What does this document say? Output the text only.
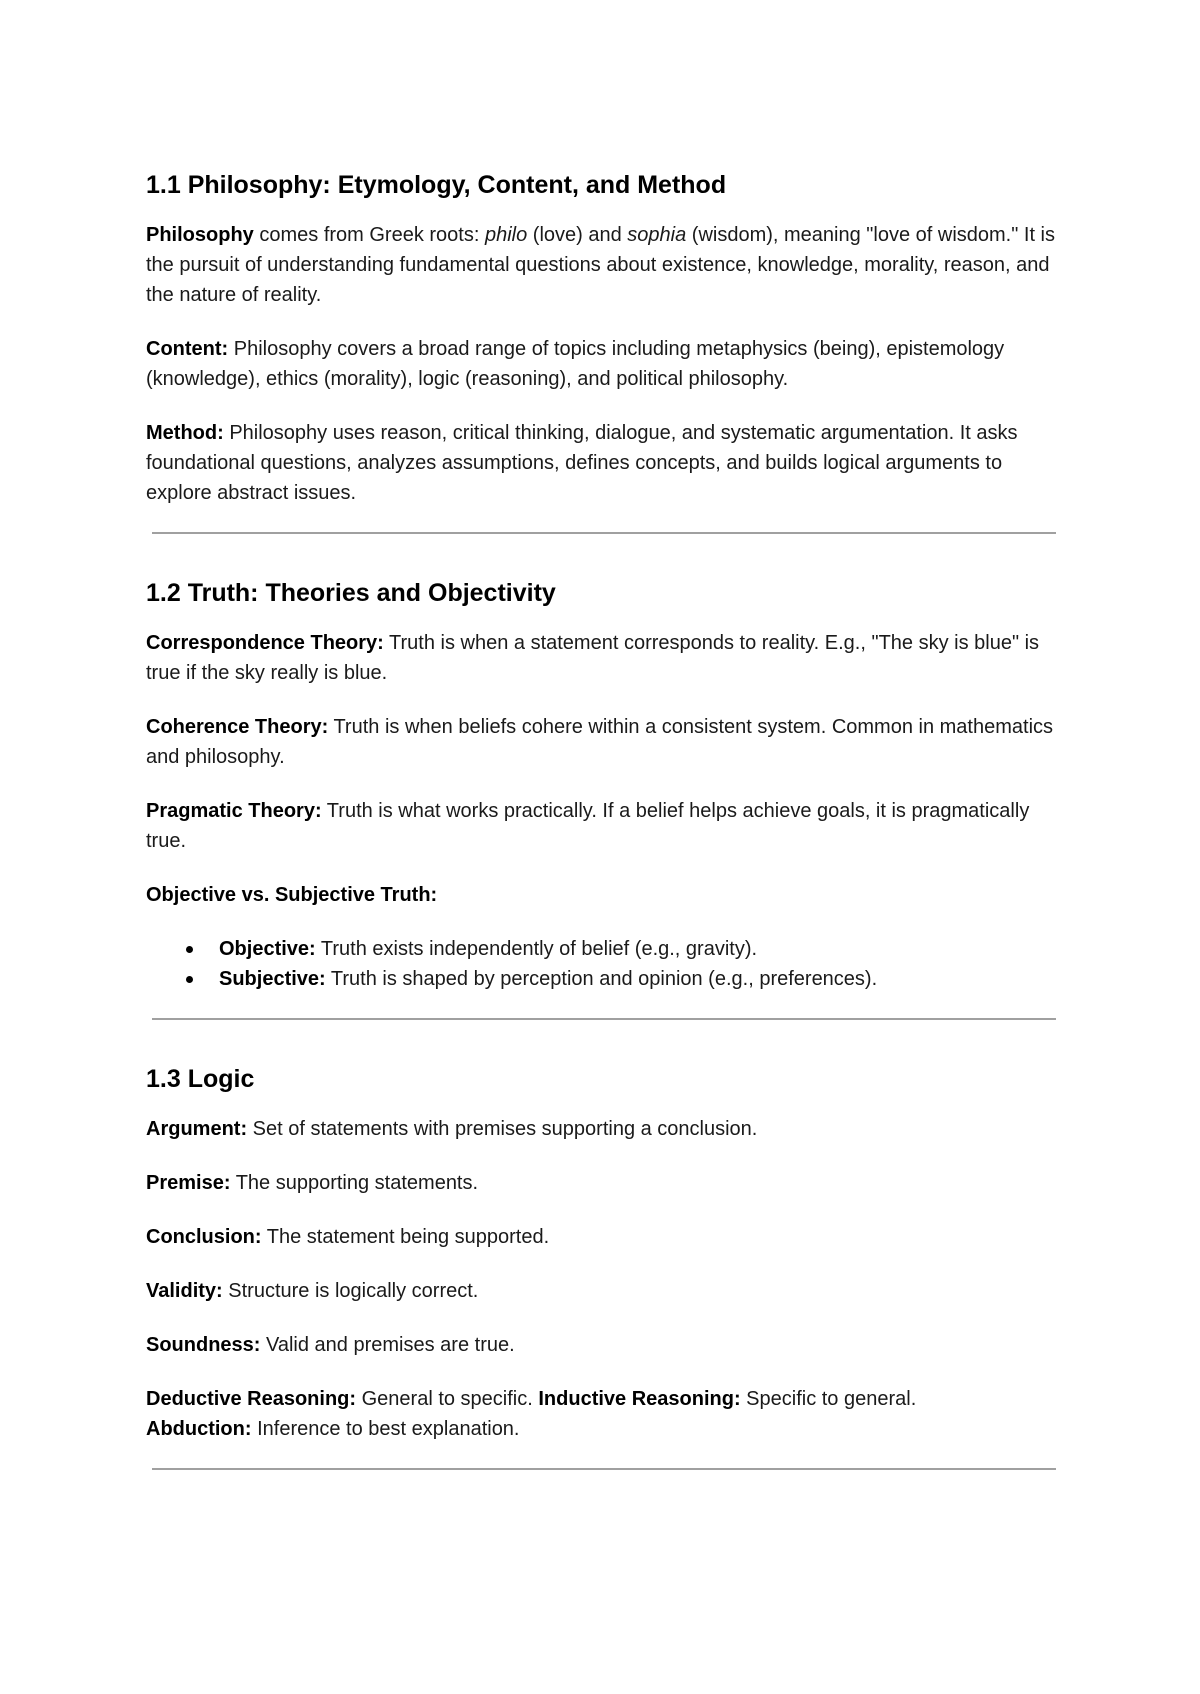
1.1 Philosophy: Etymology, Content, and Method

Philosophy comes from Greek roots: philo (love) and sophia (wisdom), meaning "love of wisdom." It is the pursuit of understanding fundamental questions about existence, knowledge, morality, reason, and the nature of reality.

Content: Philosophy covers a broad range of topics including metaphysics (being), epistemology (knowledge), ethics (morality), logic (reasoning), and political philosophy.

Method: Philosophy uses reason, critical thinking, dialogue, and systematic argumentation. It asks foundational questions, analyzes assumptions, defines concepts, and builds logical arguments to explore abstract issues.

1.2 Truth: Theories and Objectivity

Correspondence Theory: Truth is when a statement corresponds to reality. E.g., "The sky is blue" is true if the sky really is blue.

Coherence Theory: Truth is when beliefs cohere within a consistent system. Common in mathematics and philosophy.

Pragmatic Theory: Truth is what works practically. If a belief helps achieve goals, it is pragmatically true.

Objective vs. Subjective Truth:

Objective: Truth exists independently of belief (e.g., gravity).
Subjective: Truth is shaped by perception and opinion (e.g., preferences).
1.3 Logic

Argument: Set of statements with premises supporting a conclusion.

Premise: The supporting statements.

Conclusion: The statement being supported.

Validity: Structure is logically correct.

Soundness: Valid and premises are true.

Deductive Reasoning: General to specific. Inductive Reasoning: Specific to general.
Abduction: Inference to best explanation.
